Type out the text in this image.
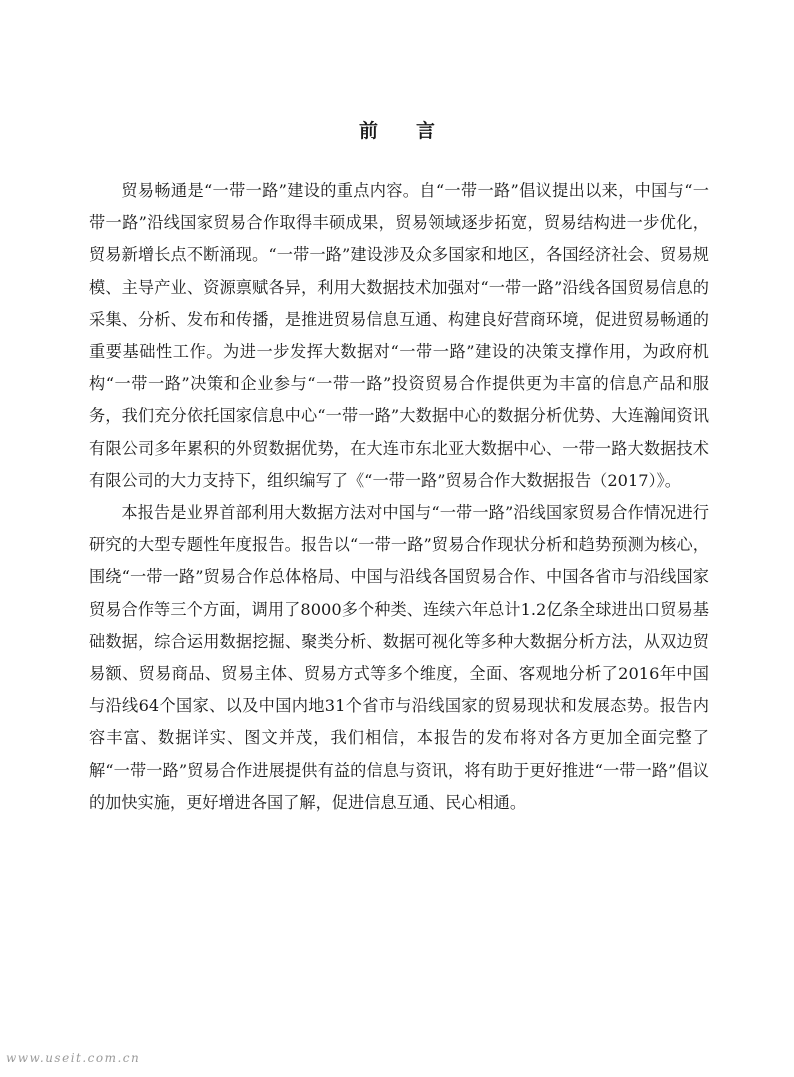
前 言

贸易畅通是“一带一路”建设的重点内容。自“一带一路”倡议提出以来，中国与“一带一路”沿线国家贸易合作取得丰硕成果，贸易领域逐步拓宽，贸易结构进一步优化，贸易新增长点不断涌现。“一带一路”建设涉及众多国家和地区，各国经济社会、贸易规模、主导产业、资源禀赋各异，利用大数据技术加强对“一带一路”沿线各国贸易信息的采集、分析、发布和传播，是推进贸易信息互通、构建良好营商环境，促进贸易畅通的重要基础性工作。为进一步发挥大数据对“一带一路”建设的决策支撑作用，为政府机构“一带一路”决策和企业参与“一带一路”投资贸易合作提供更为丰富的信息产品和服务，我们充分依托国家信息中心“一带一路”大数据中心的数据分析优势、大连瀚闻资讯有限公司多年累积的外贸数据优势，在大连市东北亚大数据中心、一带一路大数据技术有限公司的大力支持下，组织编写了《“一带一路”贸易合作大数据报告（2017）》。

本报告是业界首部利用大数据方法对中国与“一带一路”沿线国家贸易合作情况进行研究的大型专题性年度报告。报告以“一带一路”贸易合作现状分析和趋势预测为核心，围绕“一带一路”贸易合作总体格局、中国与沿线各国贸易合作、中国各省市与沿线国家贸易合作等三个方面，调用了8000多个种类、连续六年总计1.2亿条全球进出口贸易基础数据，综合运用数据挖掘、聚类分析、数据可视化等多种大数据分析方法，从双边贸易额、贸易商品、贸易主体、贸易方式等多个维度，全面、客观地分析了2016年中国与沿线64个国家、以及中国内地31个省市与沿线国家的贸易现状和发展态势。报告内容丰富、数据详实、图文并茂，我们相信，本报告的发布将对各方更加全面完整了解“一带一路”贸易合作进展提供有益的信息与资讯，将有助于更好推进“一带一路”倡议的加快实施，更好增进各国了解，促进信息互通、民心相通。

www.useit.com.cn
